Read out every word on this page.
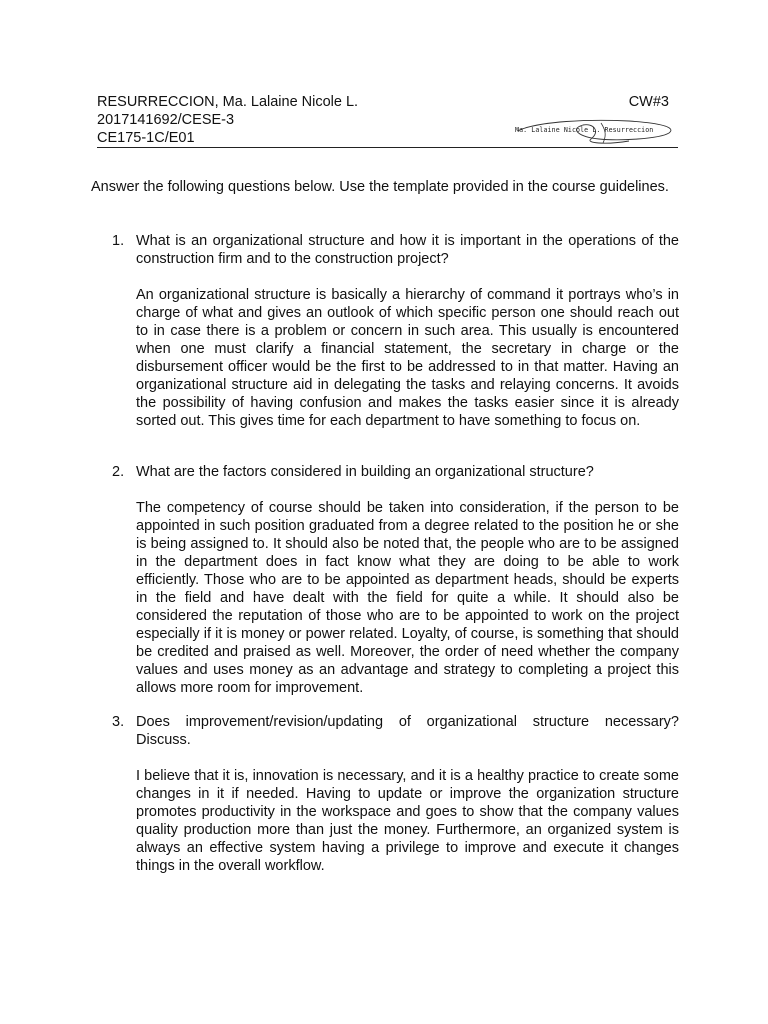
RESURRECCION, Ma. Lalaine Nicole L.
2017141692/CESE-3
CE175-1C/E01
CW#3
Ma. Lalaine Nicole L. Resurreccion
Answer the following questions below. Use the template provided in the course guidelines.
1. What is an organizational structure and how it is important in the operations of the construction firm and to the construction project?
An organizational structure is basically a hierarchy of command it portrays who’s in charge of what and gives an outlook of which specific person one should reach out to in case there is a problem or concern in such area. This usually is encountered when one must clarify a financial statement, the secretary in charge or the disbursement officer would be the first to be addressed to in that matter. Having an organizational structure aid in delegating the tasks and relaying concerns. It avoids the possibility of having confusion and makes the tasks easier since it is already sorted out. This gives time for each department to have something to focus on.
2. What are the factors considered in building an organizational structure?
The competency of course should be taken into consideration, if the person to be appointed in such position graduated from a degree related to the position he or she is being assigned to. It should also be noted that, the people who are to be assigned in the department does in fact know what they are doing to be able to work efficiently. Those who are to be appointed as department heads, should be experts in the field and have dealt with the field for quite a while. It should also be considered the reputation of those who are to be appointed to work on the project especially if it is money or power related. Loyalty, of course, is something that should be credited and praised as well. Moreover, the order of need whether the company values and uses money as an advantage and strategy to completing a project this allows more room for improvement.
3. Does improvement/revision/updating of organizational structure necessary? Discuss.
I believe that it is, innovation is necessary, and it is a healthy practice to create some changes in it if needed. Having to update or improve the organization structure promotes productivity in the workspace and goes to show that the company values quality production more than just the money. Furthermore, an organized system is always an effective system having a privilege to improve and execute it changes things in the overall workflow.
